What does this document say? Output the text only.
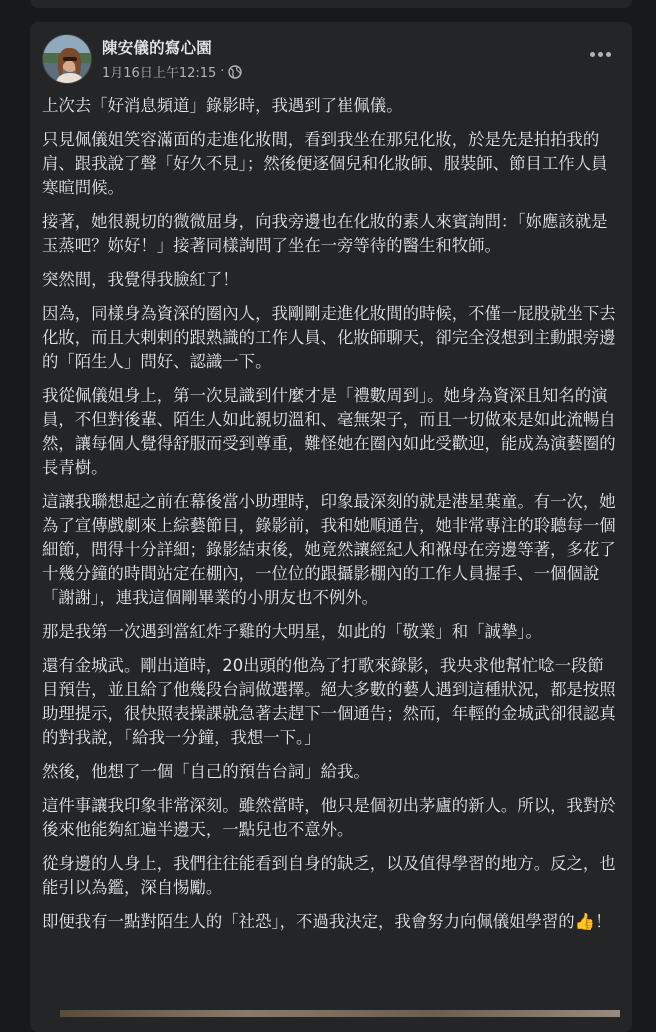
陳安儀的寫心園
1月16日上午12:15 ·

上次去「好消息頻道」錄影時，我遇到了崔佩儀。

只見佩儀姐笑容滿面的走進化妝間，看到我坐在那兒化妝，於是先是拍拍我的肩、跟我說了聲「好久不見」；然後便逐個兒和化妝師、服裝師、節目工作人員寒暄問候。

接著，她很親切的微微屈身，向我旁邊也在化妝的素人來賓詢問：「妳應該就是玉蒸吧？妳好！」接著同樣詢問了坐在一旁等待的醫生和牧師。

突然間，我覺得我臉紅了！

因為，同樣身為資深的圈內人，我剛剛走進化妝間的時候，不僅一屁股就坐下去化妝，而且大剌剌的跟熟識的工作人員、化妝師聊天，卻完全沒想到主動跟旁邊的「陌生人」問好、認識一下。

我從佩儀姐身上，第一次見識到什麼才是「禮數周到」。她身為資深且知名的演員，不但對後輩、陌生人如此親切溫和、毫無架子，而且一切做來是如此流暢自然，讓每個人覺得舒服而受到尊重，難怪她在圈內如此受歡迎，能成為演藝圈的長青樹。

這讓我聯想起之前在幕後當小助理時，印象最深刻的就是港星葉童。有一次，她為了宣傳戲劇來上綜藝節目，錄影前，我和她順通告，她非常專注的聆聽每一個細節，問得十分詳細；錄影結束後，她竟然讓經紀人和褓母在旁邊等著，多花了十幾分鐘的時間站定在棚內，一位位的跟攝影棚內的工作人員握手、一個個說「謝謝」，連我這個剛畢業的小朋友也不例外。

那是我第一次遇到當紅炸子雞的大明星，如此的「敬業」和「誠摯」。

還有金城武。剛出道時，20出頭的他為了打歌來錄影，我央求他幫忙唸一段節目預告，並且給了他幾段台詞做選擇。絕大多數的藝人遇到這種狀況，都是按照助理提示，很快照表操課就急著去趕下一個通告；然而，年輕的金城武卻很認真的對我說，「給我一分鐘，我想一下。」

然後，他想了一個「自己的預告台詞」給我。

這件事讓我印象非常深刻。雖然當時，他只是個初出茅廬的新人。所以，我對於後來他能夠紅遍半邊天，一點兒也不意外。

從身邊的人身上，我們往往能看到自身的缺乏，以及值得學習的地方。反之，也能引以為鑑，深自惕勵。

即便我有一點對陌生人的「社恐」，不過我決定，我會努力向佩儀姐學習的👍！
